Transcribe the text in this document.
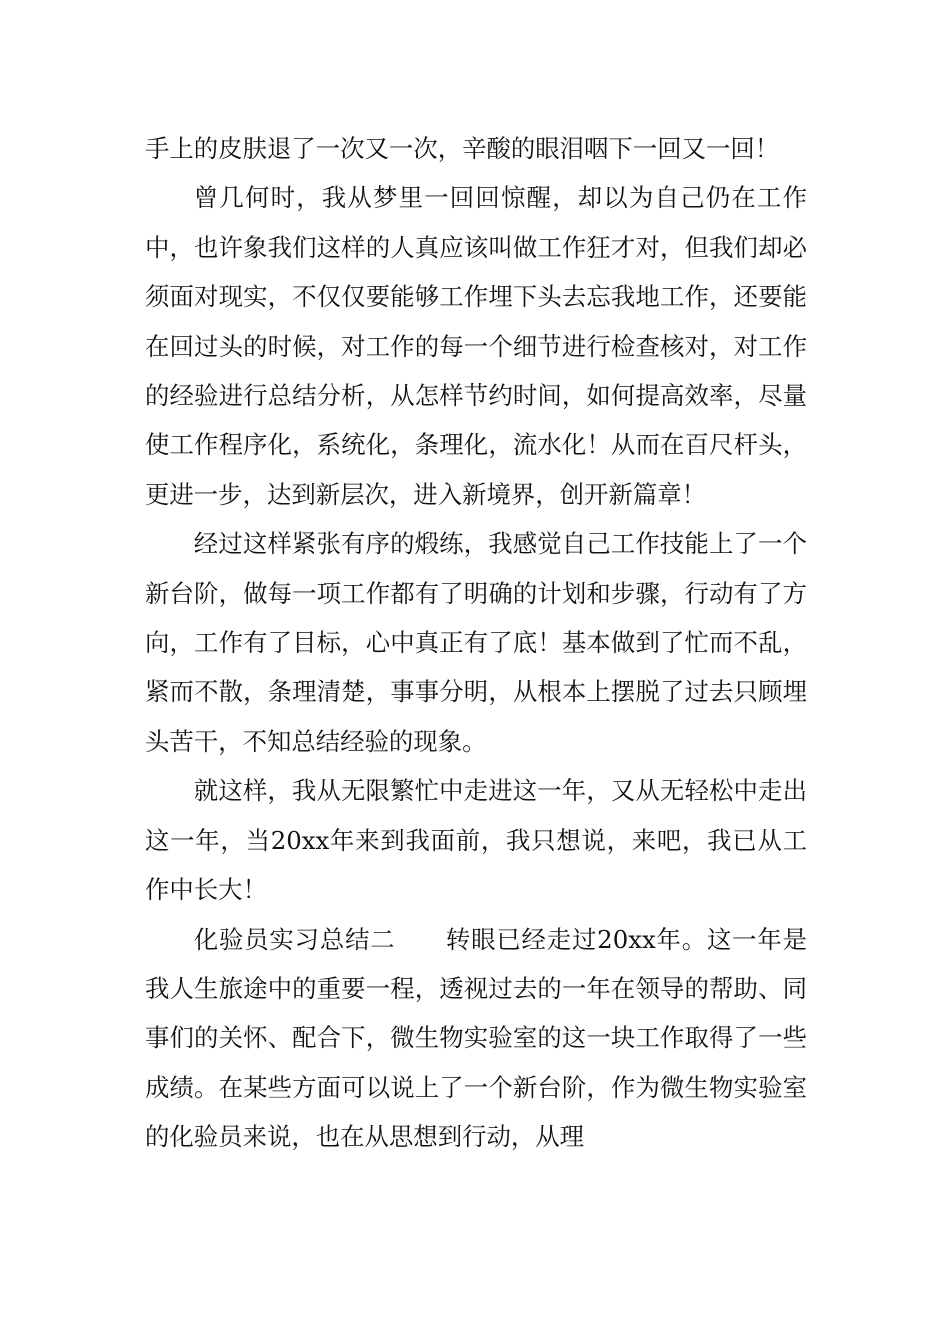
手上的皮肤退了一次又一次，辛酸的眼泪咽下一回又一回！

曾几何时，我从梦里一回回惊醒，却以为自己仍在工作中，也许象我们这样的人真应该叫做工作狂才对，但我们却必须面对现实，不仅仅要能够工作埋下头去忘我地工作，还要能在回过头的时候，对工作的每一个细节进行检查核对，对工作的经验进行总结分析，从怎样节约时间，如何提高效率，尽量使工作程序化，系统化，条理化，流水化！从而在百尺杆头，更进一步，达到新层次，进入新境界，创开新篇章！

经过这样紧张有序的煅练，我感觉自己工作技能上了一个新台阶，做每一项工作都有了明确的计划和步骤，行动有了方向，工作有了目标，心中真正有了底！基本做到了忙而不乱，紧而不散，条理清楚，事事分明，从根本上摆脱了过去只顾埋头苦干，不知总结经验的现象。

就这样，我从无限繁忙中走进这一年，又从无轻松中走出这一年，当20xx年来到我面前，我只想说，来吧，我已从工作中长大！

化验员实习总结二　　转眼已经走过20xx年。这一年是我人生旅途中的重要一程，透视过去的一年在领导的帮助、同事们的关怀、配合下，微生物实验室的这一块工作取得了一些成绩。在某些方面可以说上了一个新台阶，作为微生物实验室的化验员来说，也在从思想到行动，从理
